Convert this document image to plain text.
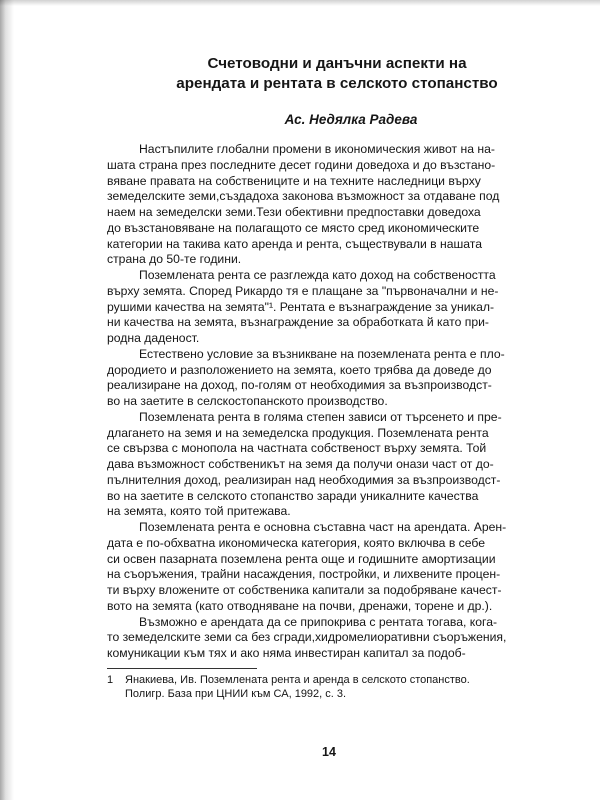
Счетоводни и данъчни аспекти на
арендата и рентата в селското стопанство
Ас. Недялка Радева

Настъпилите глобални промени в икономическия живот на на-
шата страна през последните десет години доведоха и до възстано-
вяване правата на собствениците и на техните наследници върху
земеделските земи,създадоха законова възможност за отдаване под
наем на земеделски земи.Тези обективни предпоставки доведоха
до възстановяване на полагащото се място сред икономическите
категории на такива като аренда и рента, съществували в нашата
страна до 50-те години.

Поземлената рента се разглежда като доход на собствеността
върху земята. Според Рикардо тя е плащане за "първоначални и не-
рушими качества на земята"¹. Рентата е възнаграждение за уникал-
ни качества на земята, възнаграждение за обработката й като при-
родна даденост.

Естествено условие за възникване на поземлената рента е пло-
дородието и разположението на земята, което трябва да доведе до
реализиране на доход, по-голям от необходимия за възпроизводст-
во на заетите в селскостопанското производство.

Поземлената рента в голяма степен зависи от търсенето и пре-
длагането на земя и на земеделска продукция. Поземлената рента
се свързва с монопола на частната собственост върху земята. Той
дава възможност собственикът на земя да получи онази част от до-
пълнителния доход, реализиран над необходимия за възпроизводст-
во на заетите в селското стопанство заради уникалните качества
на земята, която той притежава.

Поземлената рента е основна съставна част на арендата. Арен-
дата е по-обхватна икономическа категория, която включва в себе
си освен пазарната поземлена рента още и годишните амортизации
на съоръжения, трайни насаждения, постройки, и лихвените процен-
ти върху вложените от собственика капитали за подобряване качест-
вото на земята (като отводняване на почви, дренажи, торене и др.).

Възможно е арендата да се припокрива с рентата тогава, кога-
то земеделските земи са без сгради,хидромелиоративни съоръжения,
комуникации към тях и ако няма инвестиран капитал за подоб-

1	Янакиева, Ив. Поземлената рента и аренда в селското стопанство.
Полигр. База при ЦНИИ към СА, 1992, с. 3.
14
